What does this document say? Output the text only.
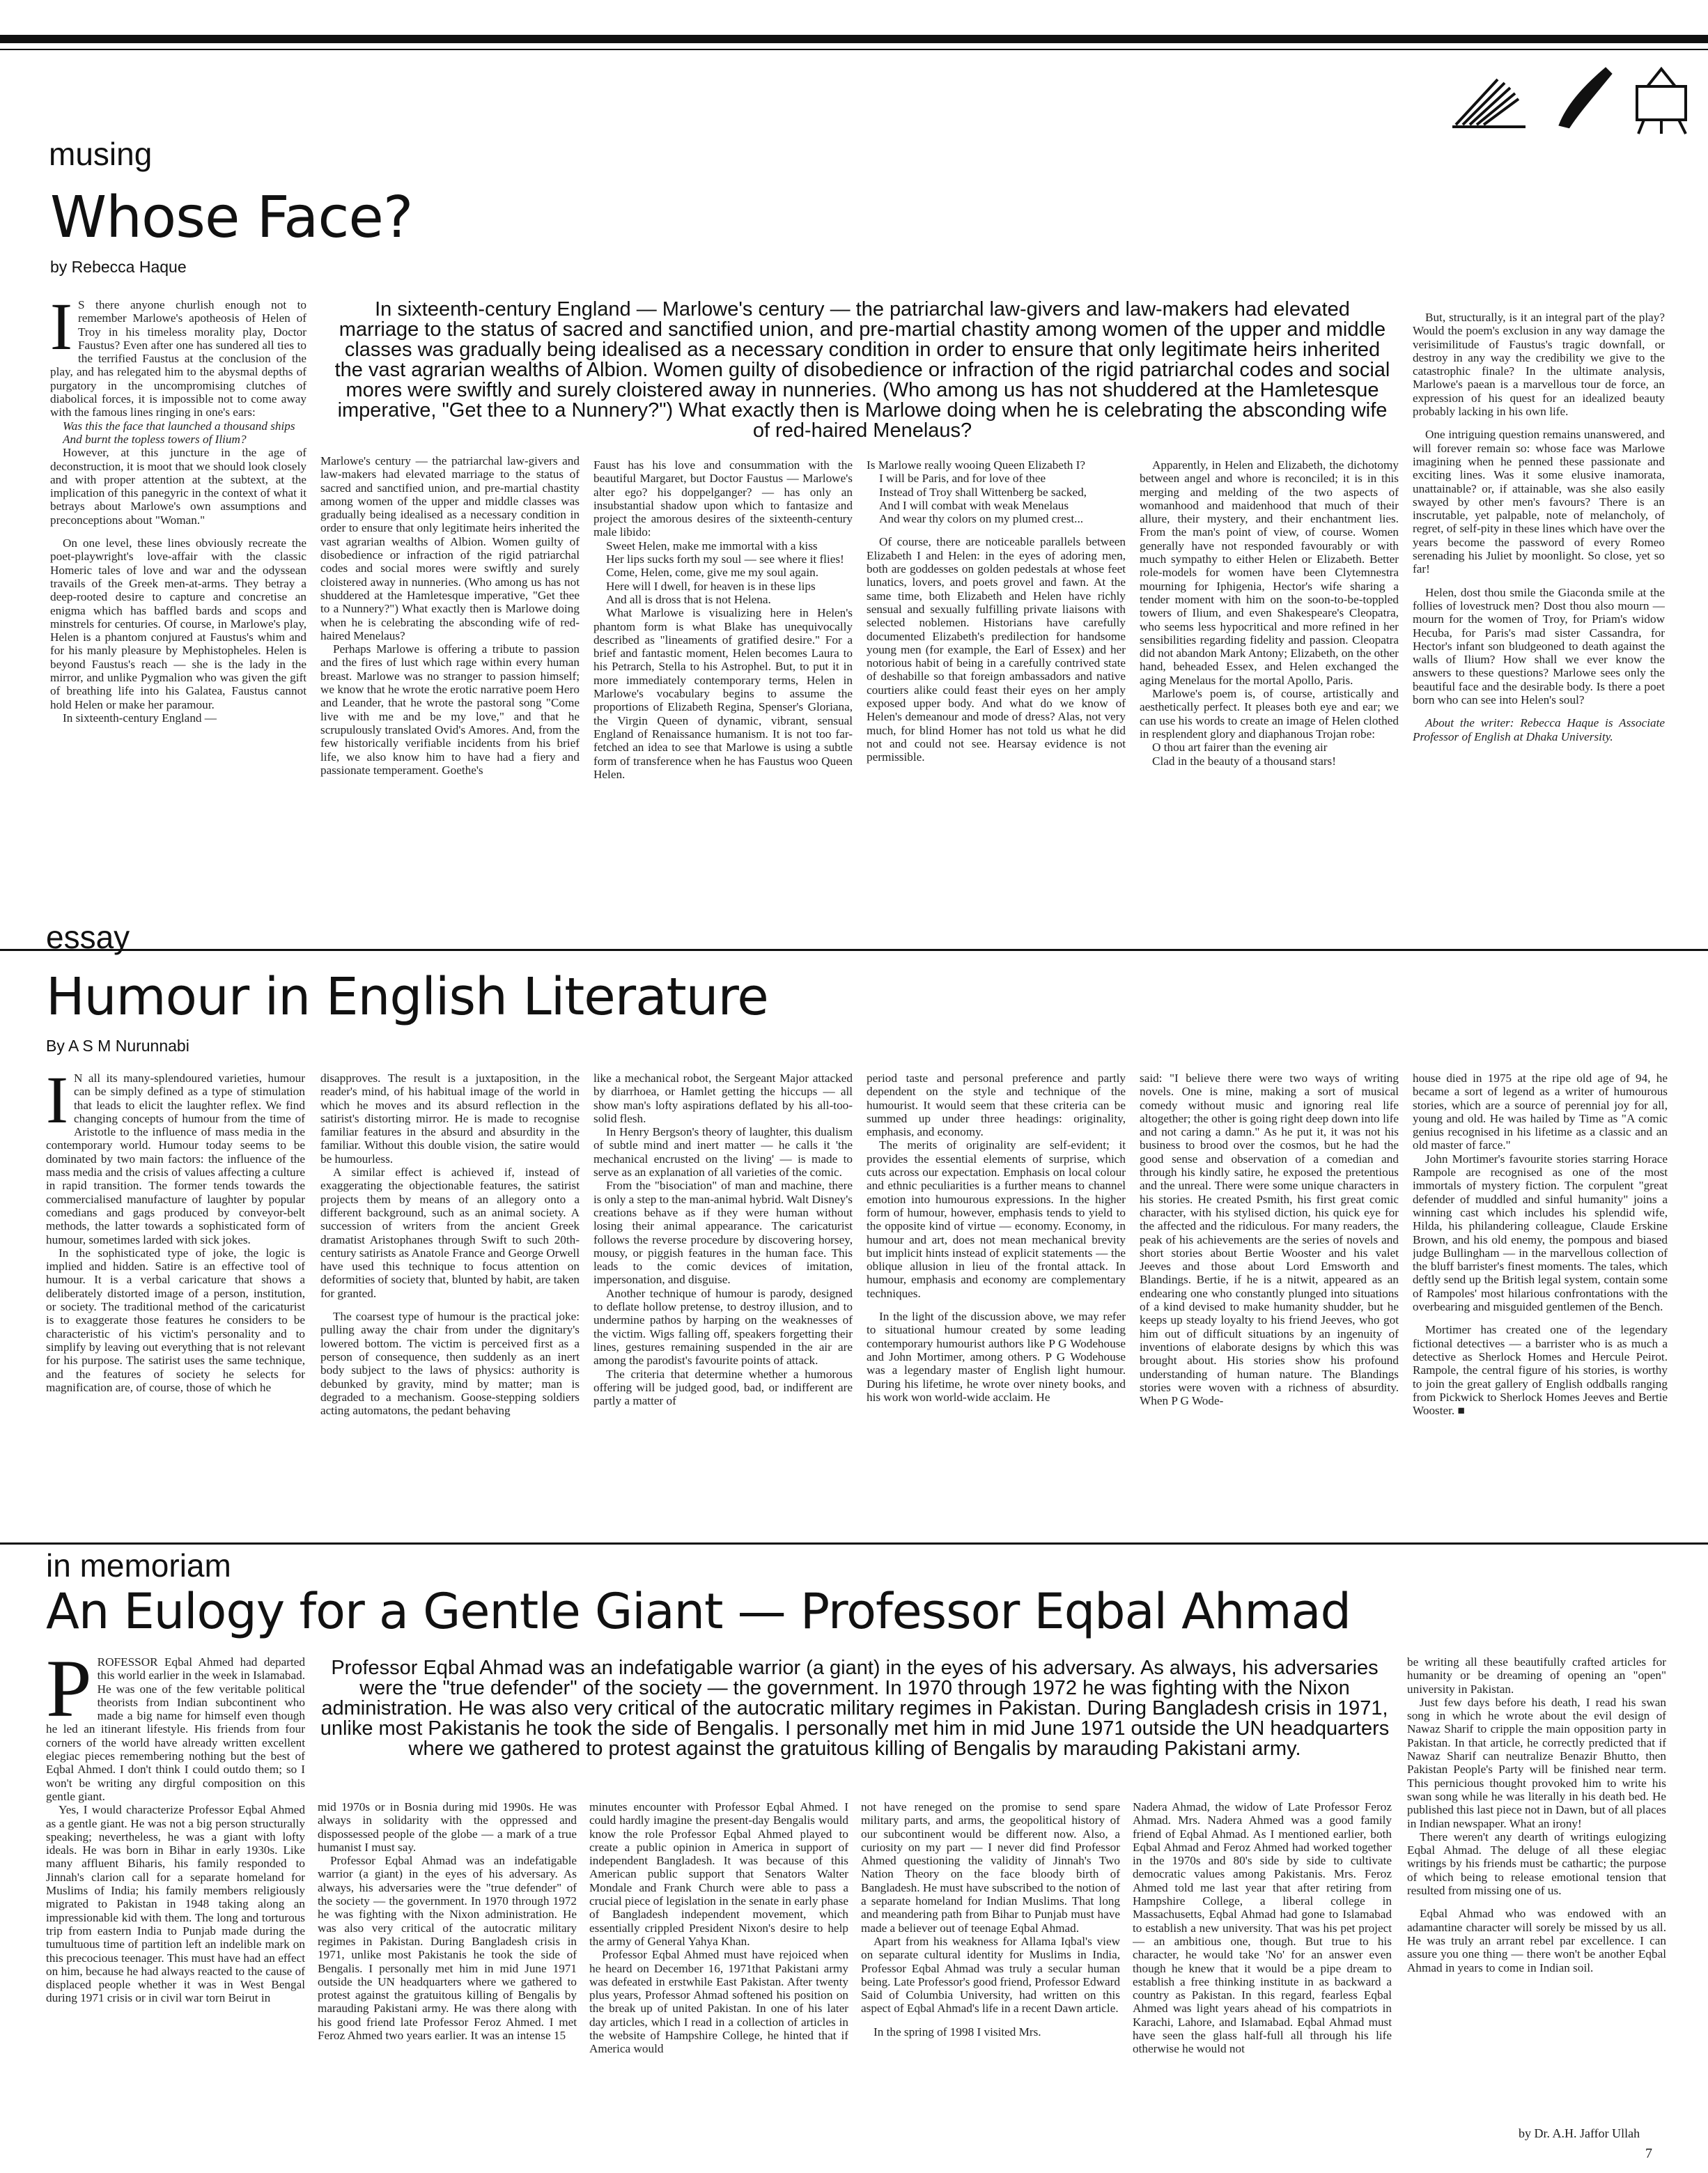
musing
Whose Face?
by Rebecca Haque
In sixteenth-century England — Marlowe's century — the patriarchal law-givers and law-makers had elevated marriage to the status of sacred and sanctified union, and pre-martial chastity among women of the upper and middle classes was gradually being idealised as a necessary condition in order to ensure that only legitimate heirs inherited the vast agrarian wealths of Albion. Women guilty of disobedience or infraction of the rigid patriarchal codes and social mores were swiftly and surely cloistered away in nunneries. (Who among us has not shuddered at the Hamletesque imperative, "Get thee to a Nunnery?") What exactly then is Marlowe doing when he is celebrating the absconding wife of red-haired Menelaus?
I S there anyone churlish enough not to remember Marlowe's apotheosis of Helen of Troy in his timeless morality play, Doctor Faustus? Even after one has sundered all ties to the terrified Faustus at the conclusion of the play, and has relegated him to the abysmal depths of purgatory in the uncompromising clutches of diabolical forces, it is impossible not to come away with the famous lines ringing in one's ears:

Was this the face that launched a thousand ships

And burnt the topless towers of Ilium?

However, at this juncture in the age of deconstruction, it is moot that we should look closely and with proper attention at the subtext, at the implication of this panegyric in the context of what it betrays about Marlowe's own assumptions and preconceptions about "Woman."

On one level, these lines obviously recreate the poet-playwright's love-affair with the classic Homeric tales of love and war and the odyssean travails of the Greek men-at-arms. They betray a deep-rooted desire to capture and concretise an enigma which has baffled bards and scops and minstrels for centuries. Of course, in Marlowe's play, Helen is a phantom conjured at Faustus's whim and for his manly pleasure by Mephistopheles. Helen is beyond Faustus's reach — she is the lady in the mirror, and unlike Pygmalion who was given the gift of breathing life into his Galatea, Faustus cannot hold Helen or make her paramour.

In sixteenth-century England —

Marlowe's century — the patriarchal law-givers and law-makers had elevated marriage to the status of sacred and sanctified union, and pre-martial chastity among women of the upper and middle classes was gradually being idealised as a necessary condition in order to ensure that only legitimate heirs inherited the vast agrarian wealths of Albion. Women guilty of disobedience or infraction of the rigid patriarchal codes and social mores were swiftly and surely cloistered away in nunneries. (Who among us has not shuddered at the Hamletesque imperative, "Get thee to a Nunnery?") What exactly then is Marlowe doing when he is celebrating the absconding wife of red-haired Menelaus?

Perhaps Marlowe is offering a tribute to passion and the fires of lust which rage within every human breast. Marlowe was no stranger to passion himself; we know that he wrote the erotic narrative poem Hero and Leander, that he wrote the pastoral song "Come live with me and be my love," and that he scrupulously translated Ovid's Amores. And, from the few historically verifiable incidents from his brief life, we also know him to have had a fiery and passionate temperament. Goethe's

Faust has his love and consummation with the beautiful Margaret, but Doctor Faustus — Marlowe's alter ego? his doppelganger? — has only an insubstantial shadow upon which to fantasize and project the amorous desires of the sixteenth-century male libido:

Sweet Helen, make me immortal with a kiss

Her lips sucks forth my soul — see where it flies!

Come, Helen, come, give me my soul again.

Here will I dwell, for heaven is in these lips

And all is dross that is not Helena.

What Marlowe is visualizing here in Helen's phantom form is what Blake has unequivocally described as "lineaments of gratified desire." For a brief and fantastic moment, Helen becomes Laura to his Petrarch, Stella to his Astrophel. But, to put it in more immediately contemporary terms, Helen in Marlowe's vocabulary begins to assume the proportions of Elizabeth Regina, Spenser's Gloriana, the Virgin Queen of dynamic, vibrant, sensual England of Renaissance humanism. It is not too far-fetched an idea to see that Marlowe is using a subtle form of transference when he has Faustus woo Queen Helen.

Is Marlowe really wooing Queen Elizabeth I?

I will be Paris, and for love of thee

Instead of Troy shall Wittenberg be sacked,

And I will combat with weak Menelaus

And wear thy colors on my plumed crest...

Of course, there are noticeable parallels between Elizabeth I and Helen: in the eyes of adoring men, both are goddesses on golden pedestals at whose feet lunatics, lovers, and poets grovel and fawn. At the same time, both Elizabeth and Helen have richly sensual and sexually fulfilling private liaisons with selected noblemen. Historians have carefully documented Elizabeth's predilection for handsome young men (for example, the Earl of Essex) and her notorious habit of being in a carefully contrived state of deshabille so that foreign ambassadors and native courtiers alike could feast their eyes on her amply exposed upper body. And what do we know of Helen's demeanour and mode of dress? Alas, not very much, for blind Homer has not told us what he did not and could not see. Hearsay evidence is not permissible.

Apparently, in Helen and Elizabeth, the dichotomy between angel and whore is reconciled; it is in this merging and melding of the two aspects of womanhood and maidenhood that much of their allure, their mystery, and their enchantment lies. From the man's point of view, of course. Women generally have not responded favourably or with much sympathy to either Helen or Elizabeth. Better role-models for women have been Clytemnestra mourning for Iphigenia, Hector's wife sharing a tender moment with him on the soon-to-be-toppled towers of Ilium, and even Shakespeare's Cleopatra, who seems less hypocritical and more refined in her sensibilities regarding fidelity and passion. Cleopatra did not abandon Mark Antony; Elizabeth, on the other hand, beheaded Essex, and Helen exchanged the aging Menelaus for the mortal Apollo, Paris.

Marlowe's poem is, of course, artistically and aesthetically perfect. It pleases both eye and ear; we can use his words to create an image of Helen clothed in resplendent glory and diaphanous Trojan robe:

O thou art fairer than the evening air

Clad in the beauty of a thousand stars!

But, structurally, is it an integral part of the play? Would the poem's exclusion in any way damage the verisimilitude of Faustus's tragic downfall, or destroy in any way the credibility we give to the catastrophic finale? In the ultimate analysis, Marlowe's paean is a marvellous tour de force, an expression of his quest for an idealized beauty probably lacking in his own life.

One intriguing question remains unanswered, and will forever remain so: whose face was Marlowe imagining when he penned these passionate and exciting lines. Was it some elusive inamorata, unattainable? or, if attainable, was she also easily swayed by other men's favours? There is an inscrutable, yet palpable, note of melancholy, of regret, of self-pity in these lines which have over the years become the password of every Romeo serenading his Juliet by moonlight. So close, yet so far!

Helen, dost thou smile the Giaconda smile at the follies of lovestruck men? Dost thou also mourn — mourn for the women of Troy, for Priam's widow Hecuba, for Paris's mad sister Cassandra, for Hector's infant son bludgeoned to death against the walls of Ilium? How shall we ever know the answers to these questions? Marlowe sees only the beautiful face and the desirable body. Is there a poet born who can see into Helen's soul?

About the writer: Rebecca Haque is Associate Professor of English at Dhaka University.

essay
Humour in English Literature
By A S M Nurunnabi
I N all its many-splendoured varieties, humour can be simply defined as a type of stimulation that leads to elicit the laughter reflex. We find changing concepts of humour from the time of Aristotle to the influence of mass media in the contemporary world. Humour today seems to be dominated by two main factors: the influence of the mass media and the crisis of values affecting a culture in rapid transition. The former tends towards the commercialised manufacture of laughter by popular comedians and gags produced by conveyor-belt methods, the latter towards a sophisticated form of humour, sometimes larded with sick jokes.

In the sophisticated type of joke, the logic is implied and hidden. Satire is an effective tool of humour. It is a verbal caricature that shows a deliberately distorted image of a person, institution, or society. The traditional method of the caricaturist is to exaggerate those features he considers to be characteristic of his victim's personality and to simplify by leaving out everything that is not relevant for his purpose. The satirist uses the same technique, and the features of society he selects for magnification are, of course, those of which he

disapproves. The result is a juxtaposition, in the reader's mind, of his habitual image of the world in which he moves and its absurd reflection in the satirist's distorting mirror. He is made to recognise familiar features in the absurd and absurdity in the familiar. Without this double vision, the satire would be humourless.

A similar effect is achieved if, instead of exaggerating the objectionable features, the satirist projects them by means of an allegory onto a different background, such as an animal society. A succession of writers from the ancient Greek dramatist Aristophanes through Swift to such 20th-century satirists as Anatole France and George Orwell have used this technique to focus attention on deformities of society that, blunted by habit, are taken for granted.

The coarsest type of humour is the practical joke: pulling away the chair from under the dignitary's lowered bottom. The victim is perceived first as a person of consequence, then suddenly as an inert body subject to the laws of physics: authority is debunked by gravity, mind by matter; man is degraded to a mechanism. Goose-stepping soldiers acting automatons, the pedant behaving

like a mechanical robot, the Sergeant Major attacked by diarrhoea, or Hamlet getting the hiccups — all show man's lofty aspirations deflated by his all-too-solid flesh.

In Henry Bergson's theory of laughter, this dualism of subtle mind and inert matter — he calls it 'the mechanical encrusted on the living' — is made to serve as an explanation of all varieties of the comic.

From the "bisociation" of man and machine, there is only a step to the man-animal hybrid. Walt Disney's creations behave as if they were human without losing their animal appearance. The caricaturist follows the reverse procedure by discovering horsey, mousy, or piggish features in the human face. This leads to the comic devices of imitation, impersonation, and disguise.

Another technique of humour is parody, designed to deflate hollow pretense, to destroy illusion, and to undermine pathos by harping on the weaknesses of the victim. Wigs falling off, speakers forgetting their lines, gestures remaining suspended in the air are among the parodist's favourite points of attack.

The criteria that determine whether a humorous offering will be judged good, bad, or indifferent are partly a matter of

period taste and personal preference and partly dependent on the style and technique of the humourist. It would seem that these criteria can be summed up under three headings: originality, emphasis, and economy.

The merits of originality are self-evident; it provides the essential elements of surprise, which cuts across our expectation. Emphasis on local colour and ethnic peculiarities is a further means to channel emotion into humourous expressions. In the higher form of humour, however, emphasis tends to yield to the opposite kind of virtue — economy. Economy, in humour and art, does not mean mechanical brevity but implicit hints instead of explicit statements — the oblique allusion in lieu of the frontal attack. In humour, emphasis and economy are complementary techniques.

In the light of the discussion above, we may refer to situational humour created by some leading contemporary humourist authors like P G Wodehouse and John Mortimer, among others. P G Wodehouse was a legendary master of English light humour. During his lifetime, he wrote over ninety books, and his work won world-wide acclaim. He

said: "I believe there were two ways of writing novels. One is mine, making a sort of musical comedy without music and ignoring real life altogether; the other is going right deep down into life and not caring a damn." As he put it, it was not his business to brood over the cosmos, but he had the good sense and observation of a comedian and through his kindly satire, he exposed the pretentious and the unreal. There were some unique characters in his stories. He created Psmith, his first great comic character, with his stylised diction, his quick eye for the affected and the ridiculous. For many readers, the peak of his achievements are the series of novels and short stories about Bertie Wooster and his valet Jeeves and those about Lord Emsworth and Blandings. Bertie, if he is a nitwit, appeared as an endearing one who constantly plunged into situations of a kind devised to make humanity shudder, but he keeps up steady loyalty to his friend Jeeves, who got him out of difficult situations by an ingenuity of inventions of elaborate designs by which this was brought about. His stories show his profound understanding of human nature. The Blandings stories were woven with a richness of absurdity. When P G Wode-

house died in 1975 at the ripe old age of 94, he became a sort of legend as a writer of humourous stories, which are a source of perennial joy for all, young and old. He was hailed by Time as "A comic genius recognised in his lifetime as a classic and an old master of farce."

John Mortimer's favourite stories starring Horace Rampole are recognised as one of the most immortals of mystery fiction. The corpulent "great defender of muddled and sinful humanity" joins a winning cast which includes his splendid wife, Hilda, his philandering colleague, Claude Erskine Brown, and his old enemy, the pompous and biased judge Bullingham — in the marvellous collection of the bluff barrister's finest moments. The tales, which deftly send up the British legal system, contain some of Rampoles' most hilarious confrontations with the overbearing and misguided gentlemen of the Bench.

Mortimer has created one of the legendary fictional detectives — a barrister who is as much a detective as Sherlock Homes and Hercule Peirot. Rampole, the central figure of his stories, is worthy to join the great gallery of English oddballs ranging from Pickwick to Sherlock Homes Jeeves and Bertie Wooster. ■

in memoriam
An Eulogy for a Gentle Giant — Professor Eqbal Ahmad
Professor Eqbal Ahmad was an indefatigable warrior (a giant) in the eyes of his adversary. As always, his adversaries were the "true defender" of the society — the government. In 1970 through 1972 he was fighting with the Nixon administration. He was also very critical of the autocratic military regimes in Pakistan. During Bangladesh crisis in 1971, unlike most Pakistanis he took the side of Bengalis. I personally met him in mid June 1971 outside the UN headquarters where we gathered to protest against the gratuitous killing of Bengalis by marauding Pakistani army.
P ROFESSOR Eqbal Ahmed had departed this world earlier in the week in Islamabad. He was one of the few veritable political theorists from Indian subcontinent who made a big name for himself even though he led an itinerant lifestyle. His friends from four corners of the world have already written excellent elegiac pieces remembering nothing but the best of Eqbal Ahmed. I don't think I could outdo them; so I won't be writing any dirgful composition on this gentle giant.

Yes, I would characterize Professor Eqbal Ahmed as a gentle giant. He was not a big person structurally speaking; nevertheless, he was a giant with lofty ideals. He was born in Bihar in early 1930s. Like many affluent Biharis, his family responded to Jinnah's clarion call for a separate homeland for Muslims of India; his family members religiously migrated to Pakistan in 1948 taking along an impressionable kid with them. The long and torturous trip from eastern India to Punjab made during the tumultuous time of partition left an indelible mark on this precocious teenager. This must have had an effect on him, because he had always reacted to the cause of displaced people whether it was in West Bengal during 1971 crisis or in civil war torn Beirut in

mid 1970s or in Bosnia during mid 1990s. He was always in solidarity with the oppressed and dispossessed people of the globe — a mark of a true humanist I must say.

Professor Eqbal Ahmad was an indefatigable warrior (a giant) in the eyes of his adversary. As always, his adversaries were the "true defender" of the society — the government. In 1970 through 1972 he was fighting with the Nixon administration. He was also very critical of the autocratic military regimes in Pakistan. During Bangladesh crisis in 1971, unlike most Pakistanis he took the side of Bengalis. I personally met him in mid June 1971 outside the UN headquarters where we gathered to protest against the gratuitous killing of Bengalis by marauding Pakistani army. He was there along with his good friend late Professor Feroz Ahmed. I met Feroz Ahmed two years earlier. It was an intense 15

minutes encounter with Professor Eqbal Ahmed. I could hardly imagine the present-day Bengalis would know the role Professor Eqbal Ahmed played to create a public opinion in America in support of independent Bangladesh. It was because of this American public support that Senators Walter Mondale and Frank Church were able to pass a crucial piece of legislation in the senate in early phase of Bangladesh independent movement, which essentially crippled President Nixon's desire to help the army of General Yahya Khan.

Professor Eqbal Ahmed must have rejoiced when he heard on December 16, 1971that Pakistani army was defeated in erstwhile East Pakistan. After twenty plus years, Professor Ahmad softened his position on the break up of united Pakistan. In one of his later day articles, which I read in a collection of articles in the website of Hampshire College, he hinted that if America would

not have reneged on the promise to send spare military parts, and arms, the geopolitical history of our subcontinent would be different now. Also, a curiosity on my part — I never did find Professor Ahmed questioning the validity of Jinnah's Two Nation Theory on the face bloody birth of Bangladesh. He must have subscribed to the notion of a separate homeland for Indian Muslims. That long and meandering path from Bihar to Punjab must have made a believer out of teenage Eqbal Ahmad.

Apart from his weakness for Allama Iqbal's view on separate cultural identity for Muslims in India, Professor Eqbal Ahmad was truly a secular human being. Late Professor's good friend, Professor Edward Said of Columbia University, had written on this aspect of Eqbal Ahmad's life in a recent Dawn article.

In the spring of 1998 I visited Mrs.

Nadera Ahmad, the widow of Late Professor Feroz Ahmad. Mrs. Nadera Ahmed was a good family friend of Eqbal Ahmad. As I mentioned earlier, both Eqbal Ahmad and Feroz Ahmed had worked together in the 1970s and 80's side by side to cultivate democratic values among Pakistanis. Mrs. Feroz Ahmed told me last year that after retiring from Hampshire College, a liberal college in Massachusetts, Eqbal Ahmad had gone to Islamabad to establish a new university. That was his pet project — an ambitious one, though. But true to his character, he would take 'No' for an answer even though he knew that it would be a pipe dream to establish a free thinking institute in as backward a country as Pakistan. In this regard, fearless Eqbal Ahmed was light years ahead of his compatriots in Karachi, Lahore, and Islamabad. Eqbal Ahmad must have seen the glass half-full all through his life otherwise he would not

be writing all these beautifully crafted articles for humanity or be dreaming of opening an "open" university in Pakistan.

Just few days before his death, I read his swan song in which he wrote about the evil design of Nawaz Sharif to cripple the main opposition party in Pakistan. In that article, he correctly predicted that if Nawaz Sharif can neutralize Benazir Bhutto, then Pakistan People's Party will be finished near term. This pernicious thought provoked him to write his swan song while he was literally in his death bed. He published this last piece not in Dawn, but of all places in Indian newspaper. What an irony!

There weren't any dearth of writings eulogizing Eqbal Ahmad. The deluge of all these elegiac writings by his friends must be cathartic; the purpose of which being to release emotional tension that resulted from missing one of us.

Eqbal Ahmad who was endowed with an adamantine character will sorely be missed by us all. He was truly an arrant rebel par excellence. I can assure you one thing — there won't be another Eqbal Ahmad in years to come in Indian soil.

by Dr. A.H. Jaffor Ullah
7
